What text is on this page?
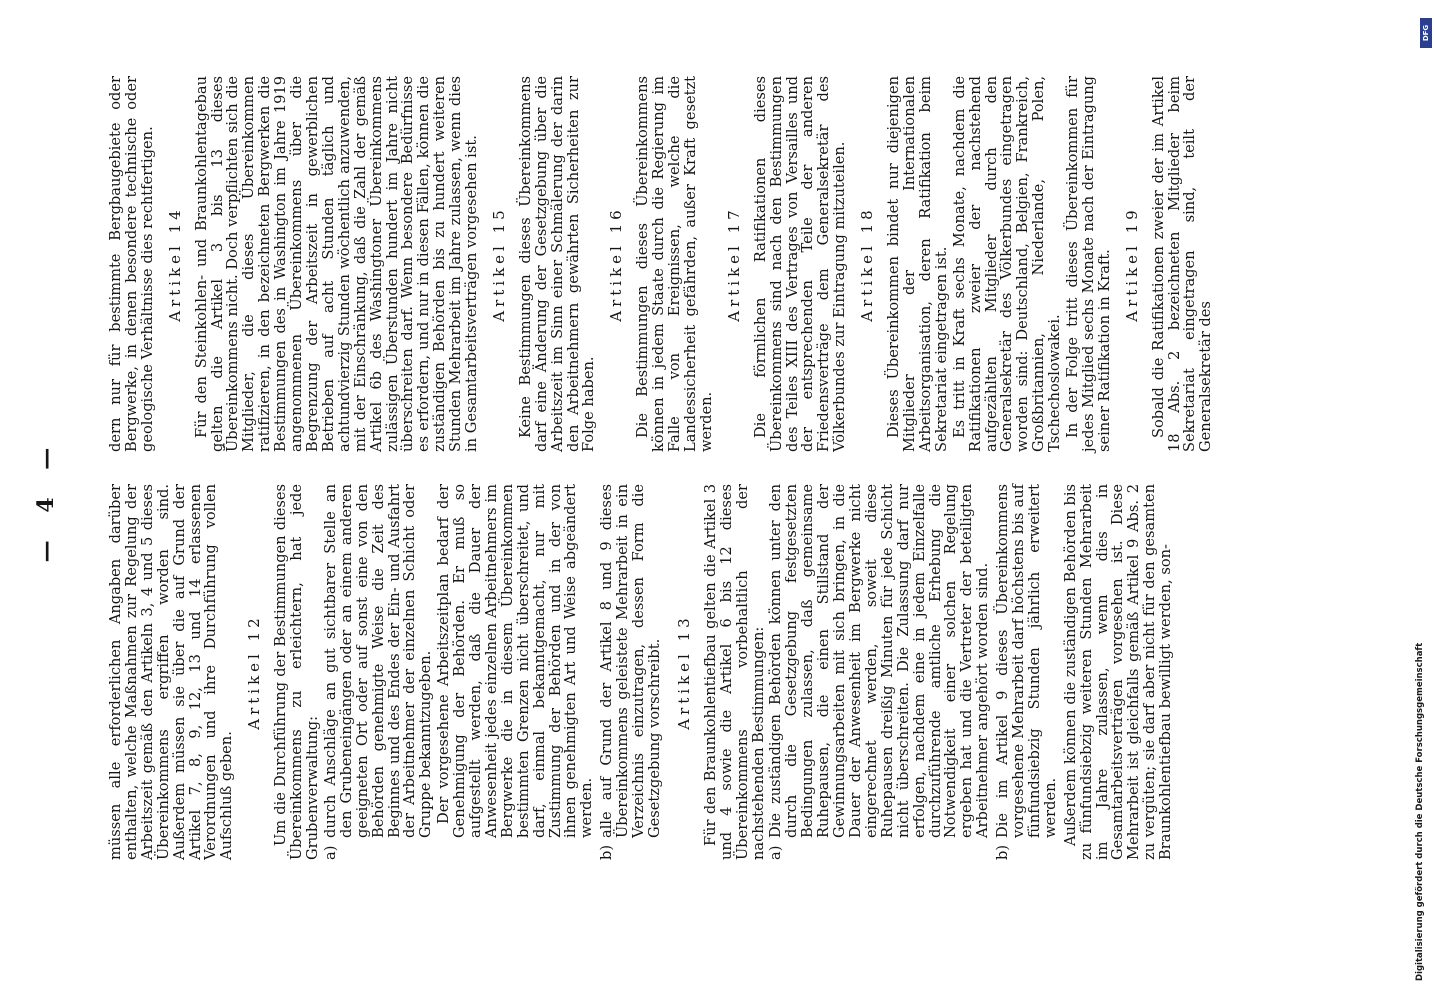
— 4 —	müssen alle erforderlichen Angaben darüber enthalten, welche Maßnahmen zur Regelung der Arbeitszeit gemäß den Artikeln 3, 4 und 5 dieses Übereinkommens ergriffen worden sind. Außerdem müssen sie über die auf Grund der Artikel 7, 8, 9, 12, 13 und 14 erlassenen Verordnungen und ihre Durchführung vollen Aufschluß geben.

Artikel 12 Um die Durchführung der Bestimmungen dieses Übereinkommens zu erleichtern, hat jede Grubenverwaltung: a)

durch Anschläge an gut sichtbarer Stelle an den Grubeneingängen oder an einem anderen geeigneten Ort oder auf sonst eine von den Behörden genehmigte Weise die Zeit des Beginnes und des Endes der Ein- und Ausfahrt der Arbeitnehmer der einzelnen Schicht oder Gruppe bekanntzugeben. Der vorgesehene Arbeitszeitplan bedarf der Genehmigung der Behörden. Er muß so aufgestellt werden, daß die Dauer der Anwesenheit jedes einzelnen Arbeitnehmers im Bergwerke die in diesem Übereinkommen bestimmten Grenzen nicht überschreitet, und darf, einmal bekanntgemacht, nur mit Zustimmung der Behörden und in der von ihnen genehmigten Art und Weise abgeändert werden.

b)

alle auf Grund der Artikel 8 und 9 dieses Übereinkommens geleistete Mehrarbeit in ein Verzeichnis einzutragen, dessen Form die Gesetzgebung vorschreibt. Artikel 13 Für den Braunkohlentiefbau gelten die Artikel 3 und 4 sowie die Artikel 6 bis 12 dieses Übereinkommens vorbehaltlich der nachstehenden Bestimmungen: a)

Die zuständigen Behörden können unter den durch die Gesetzgebung festgesetzten Bedingungen zulassen, daß gemeinsame Ruhepausen, die einen Stillstand der Gewinnungsarbeiten mit sich bringen, in die Dauer der Anwesenheit im Bergwerke nicht eingerechnet werden, soweit diese Ruhepausen dreißig Minuten für jede Schicht nicht überschreiten. Die Zulassung darf nur erfolgen, nachdem eine in jedem Einzelfalle durchzuführende amtliche Erhebung die Notwendigkeit einer solchen Regelung ergeben hat und die Vertreter der beteiligten Arbeitnehmer angehört worden sind.

b)

Die im Artikel 9 dieses Übereinkommens vorgesehene Mehrarbeit darf höchstens bis auf fünfundsiebzig Stunden jährlich erweitert werden. Außerdem können die zuständigen Behörden bis zu fünfundsiebzig weiteren Stunden Mehrarbeit im Jahre zulassen, wenn dies in Gesamtarbeitsverträgen vorgesehen ist. Diese Mehrarbeit ist gleichfalls gemäß Artikel 9 Abs. 2 zu vergüten; sie darf aber nicht für den gesamten Braunkohlentiefbau bewilligt werden, son-

dern nur für bestimmte Bergbaugebiete oder Bergwerke, in denen besondere technische oder geologische Verhältnisse dies rechtfertigen. Artikel 14 Für den Steinkohlen- und Braunkohlentagebau gelten die Artikel 3 bis 13 dieses Übereinkommens nicht. Doch verpflichten sich die Mitglieder, die dieses Übereinkommen ratifizieren, in den bezeichneten Bergwerken die Bestimmungen des in Washington im Jahre 1919 angenommenen Übereinkommens über die Begrenzung der Arbeitszeit in gewerblichen Betrieben auf acht Stunden täglich und achtundvierzig Stunden wöchentlich anzuwenden, mit der Einschränkung, daß die Zahl der gemäß Artikel 6b des Washingtoner Übereinkommens zulässigen Überstunden hundert im Jahre nicht überschreiten darf. Wenn besondere Bedürfnisse es erfordern, und nur in diesen Fällen, können die zuständigen Behörden bis zu hundert weiteren Stunden Mehrarbeit im Jahre zulassen, wenn dies in Gesamtarbeitsverträgen vorgesehen ist. Artikel 15 Keine Bestimmungen dieses Übereinkommens darf eine Änderung der Gesetzgebung über die Arbeitszeit im Sinn einer Schmälerung der darin den Arbeitnehmern gewährten Sicherheiten zur Folge haben.

Artikel 16 Die Bestimmungen dieses Übereinkommens können in jedem Staate durch die Regierung im Falle von Ereignissen, welche die Landessicherheit gefährden, außer Kraft gesetzt werden.

Artikel 17 Die förmlichen Ratifikationen dieses Übereinkommens sind nach den Bestimmungen des Teiles XIII des Vertrages von Versailles und der entsprechenden Teile der anderen Friedensverträge dem Generalsekretär des Völkerbundes zur Eintragung mitzuteilen. Artikel 18 Dieses Übereinkommen bindet nur diejenigen Mitglieder der Internationalen Arbeitsorganisation, deren Ratifikation beim Sekretariat eingetragen ist. Es tritt in Kraft sechs Monate, nachdem die Ratifikationen zweier der nachstehend aufgezählten Mitglieder durch den Generalsekretär des Völkerbundes eingetragen worden sind: Deutschland, Belgien, Frankreich, Großbritannien, Niederlande, Polen, Tschechoslowakei. In der Folge tritt dieses Übereinkommen für jedes Mitglied sechs Monate nach der Eintragung seiner Ratifikation in Kraft. Artikel 19 Sobald die Ratifikationen zweier der im Artikel 18 Abs. 2 bezeichneten Mitglieder beim Sekretariat eingetragen sind, teilt der Generalsekretär des

DFG
Digitalisierung gefördert durch die Deutsche Forschungsgemeinschaft
